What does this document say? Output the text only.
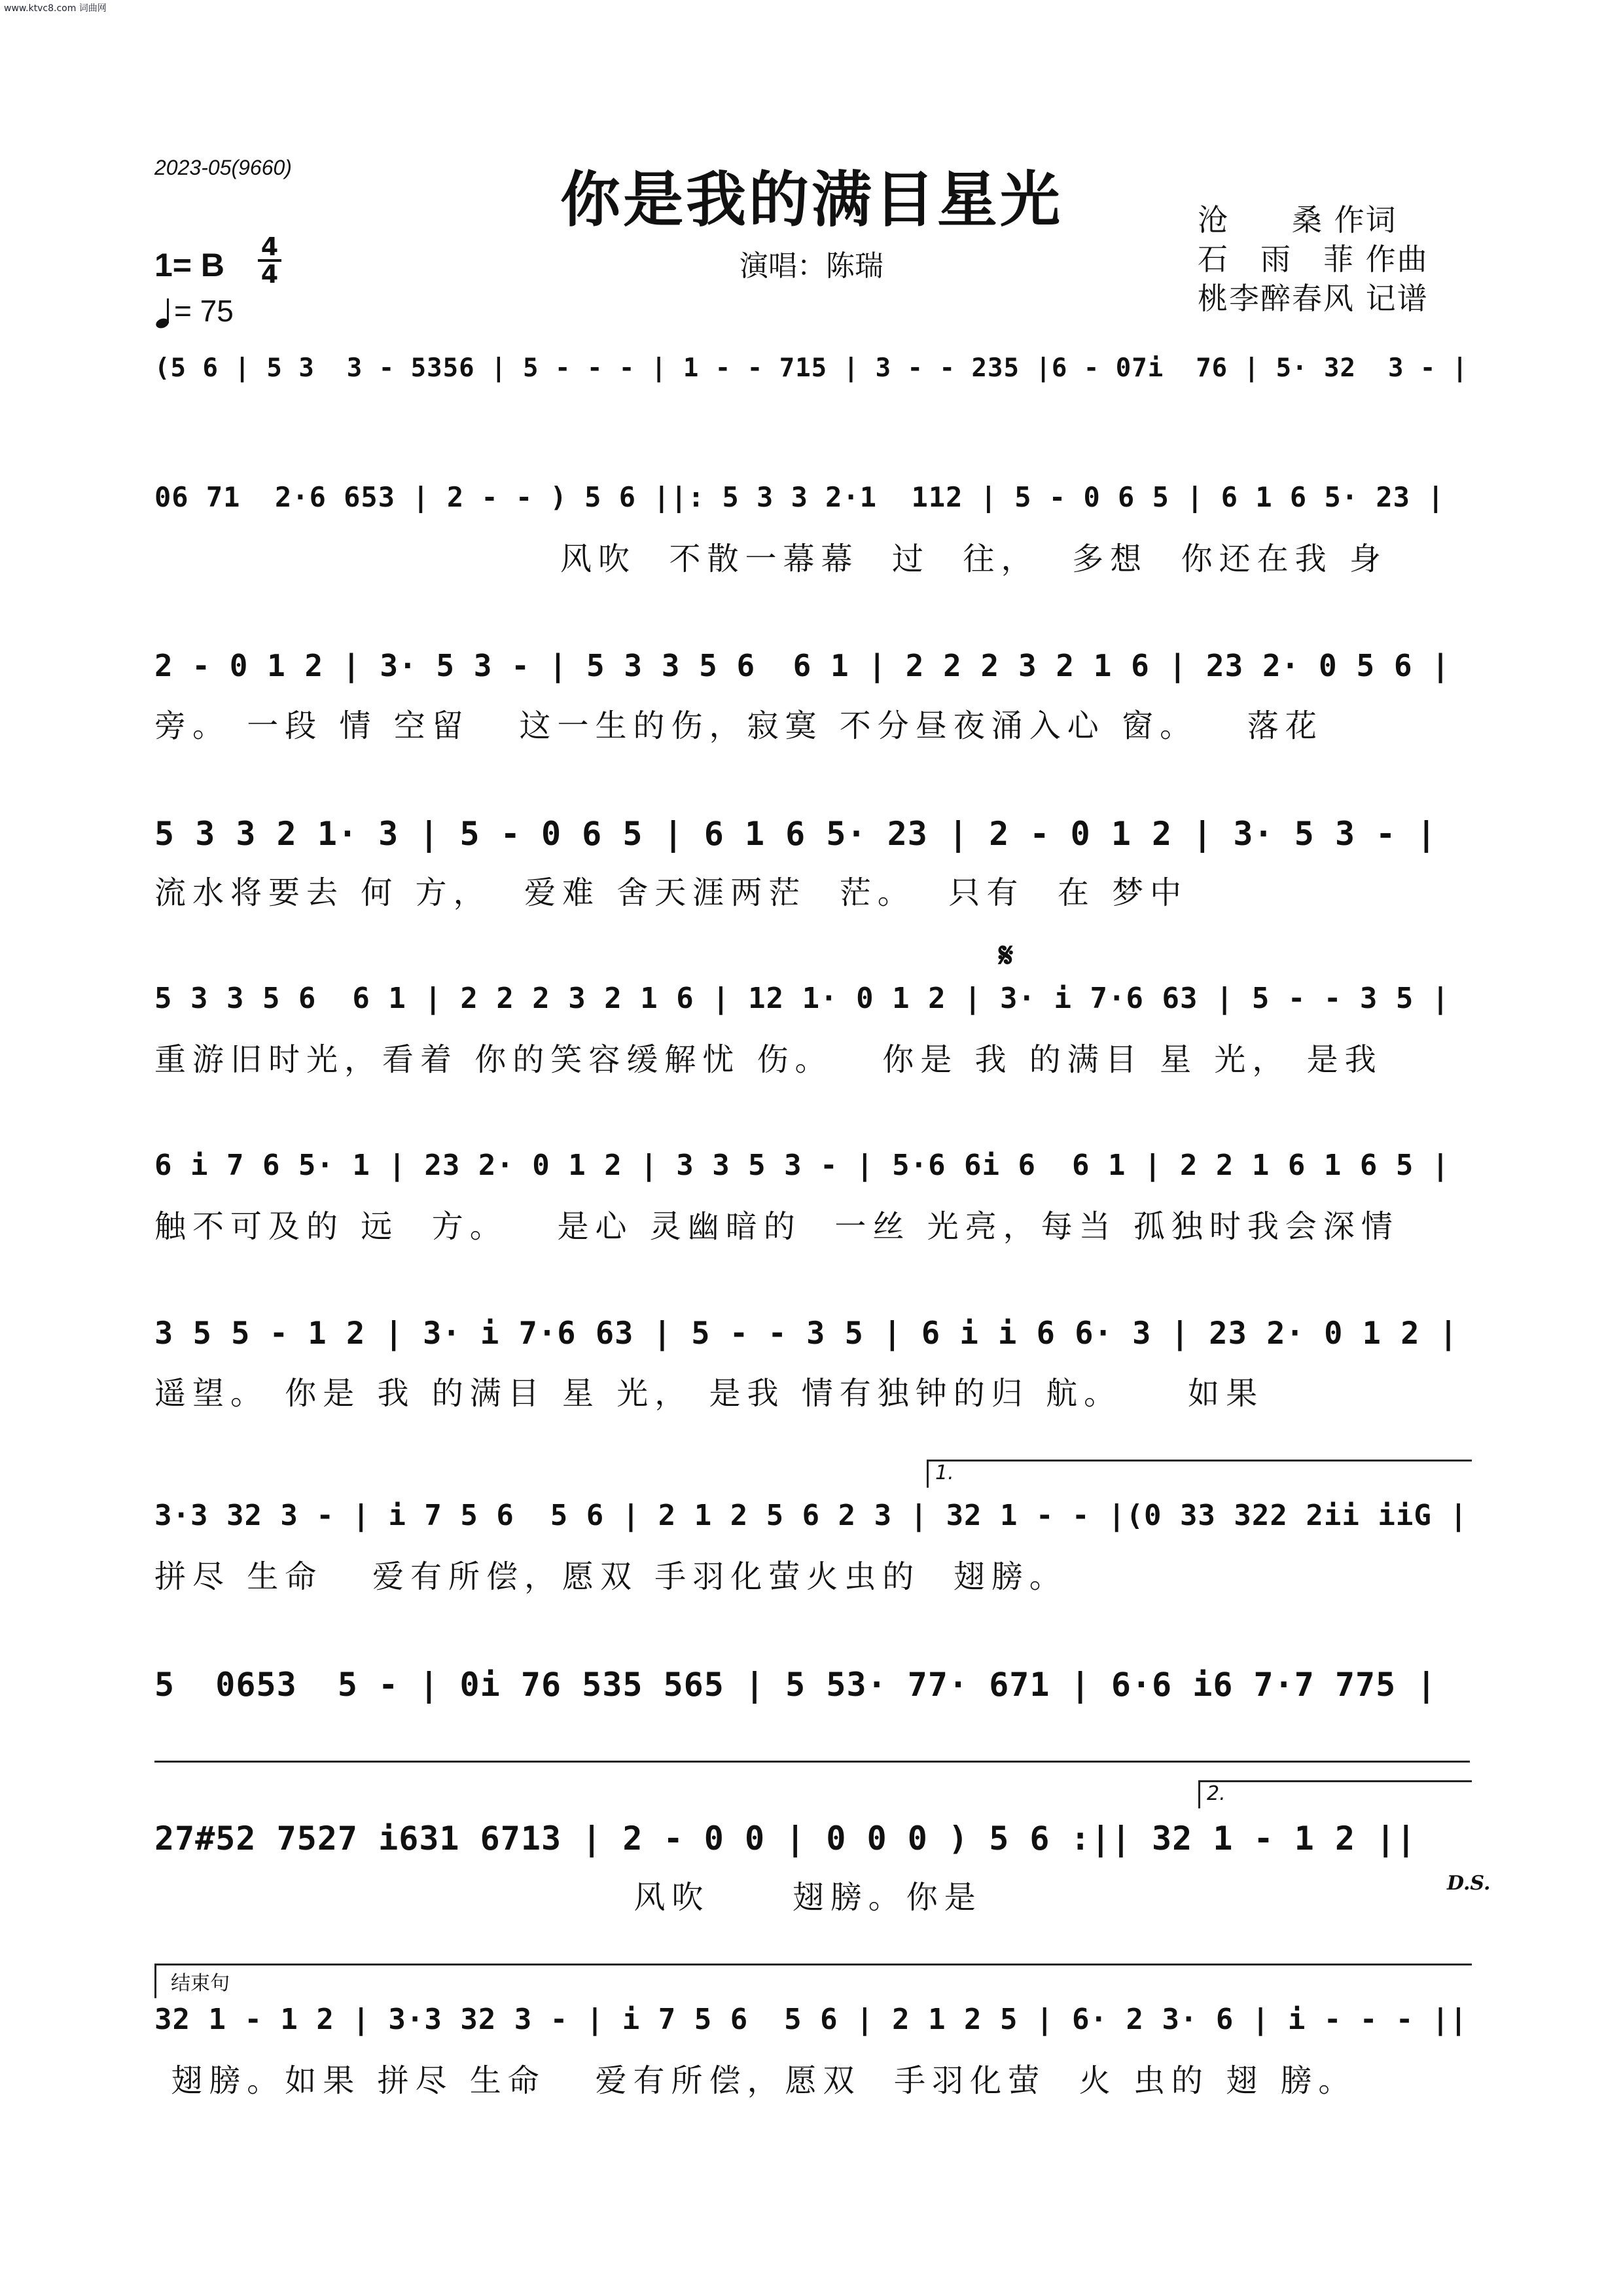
www.ktvc8.com 词曲网
2023-05(9660)	你是我的满目星光
演唱：陈瑞
沧　　桑 作词
石　雨　菲 作曲
桃李醉春风 记谱
1= B 4
4
= 75
(5 6 | 5 3  3 - 5356 | 5 - - - | 1 - - 715 | 3 - - 235 |6 - 07i  76 | 5· 32  3 - |
06 71  2·6 653 | 2 - - ) 5 6 ||: 5 3 3 2·1  112 | 5 - 0 6 5 | 6 1 6 5· 23 |
风吹  不散一幕幕  过  往，  多想  你还在我 身
2 - 0 1 2 | 3· 5 3 - | 5 3 3 5 6  6 1 | 2 2 2 3 2 1 6 | 23 2· 0 5 6 |
旁。 一段 情 空留   这一生的伤，寂寞 不分昼夜涌入心 窗。   落花
5 3 3 2 1· 3 | 5 - 0 6 5 | 6 1 6 5· 23 | 2 - 0 1 2 | 3· 5 3 - |
流水将要去 何 方，  爱难 舍天涯两茫  茫。  只有  在 梦中
𝄋
5 3 3 5 6  6 1 | 2 2 2 3 2 1 6 | 12 1· 0 1 2 | 3· i 7·6 63 | 5 - - 3 5 |
重游旧时光，看着 你的笑容缓解忧 伤。   你是 我 的满目 星 光， 是我
6 i 7 6 5· 1 | 23 2· 0 1 2 | 3 3 5 3 - | 5·6 6i 6  6 1 | 2 2 1 6 1 6 5 |
触不可及的 远  方。   是心 灵幽暗的  一丝 光亮，每当 孤独时我会深情
3 5 5 - 1 2 | 3· i 7·6 63 | 5 - - 3 5 | 6 i i 6 6· 3 | 23 2· 0 1 2 |
遥望。 你是 我 的满目 星 光， 是我 情有独钟的归 航。    如果
1.
3·3 32 3 - | i 7 5 6  5 6 | 2 1 2 5 6 2 3 | 32 1 - - |(0 33 322 2ii iiG |
拼尽 生命   爱有所偿，愿双 手羽化萤火虫的  翅膀。
5  0653  5 - | 0i 76 535 565 | 5 53· 77· 671 | 6·6 i6 7·7 775 |
2.
27#52 7527 i631 6713 | 2 - 0 0 | 0 0 0 ) 5 6 :|| 32 1 - 1 2 ||
风吹     翅膀。你是	D.S.
结束句
32 1 - 1 2 | 3·3 32 3 - | i 7 5 6  5 6 | 2 1 2 5 | 6· 2 3· 6 | i - - - ||
翅膀。如果 拼尽 生命   爱有所偿，愿双  手羽化萤  火 虫的 翅 膀。
